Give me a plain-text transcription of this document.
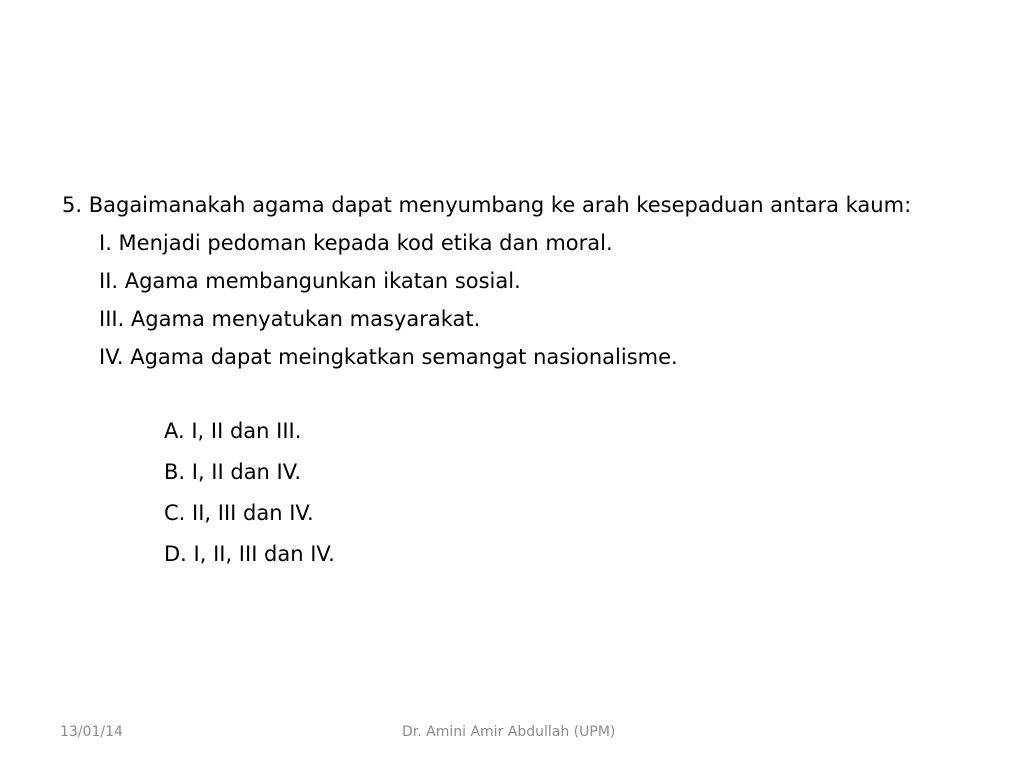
5. Bagaimanakah agama dapat menyumbang ke arah kesepaduan antara kaum:

I. Menjadi pedoman kepada kod etika dan moral.
II. Agama membangunkan ikatan sosial.
III. Agama menyatukan masyarakat.
IV. Agama dapat meingkatkan semangat nasionalisme.
A. I, II dan III.
B. I, II dan IV.
C. II, III dan IV.
D. I, II, III dan IV.
13/01/14	Dr. Amini Amir Abdullah (UPM)
